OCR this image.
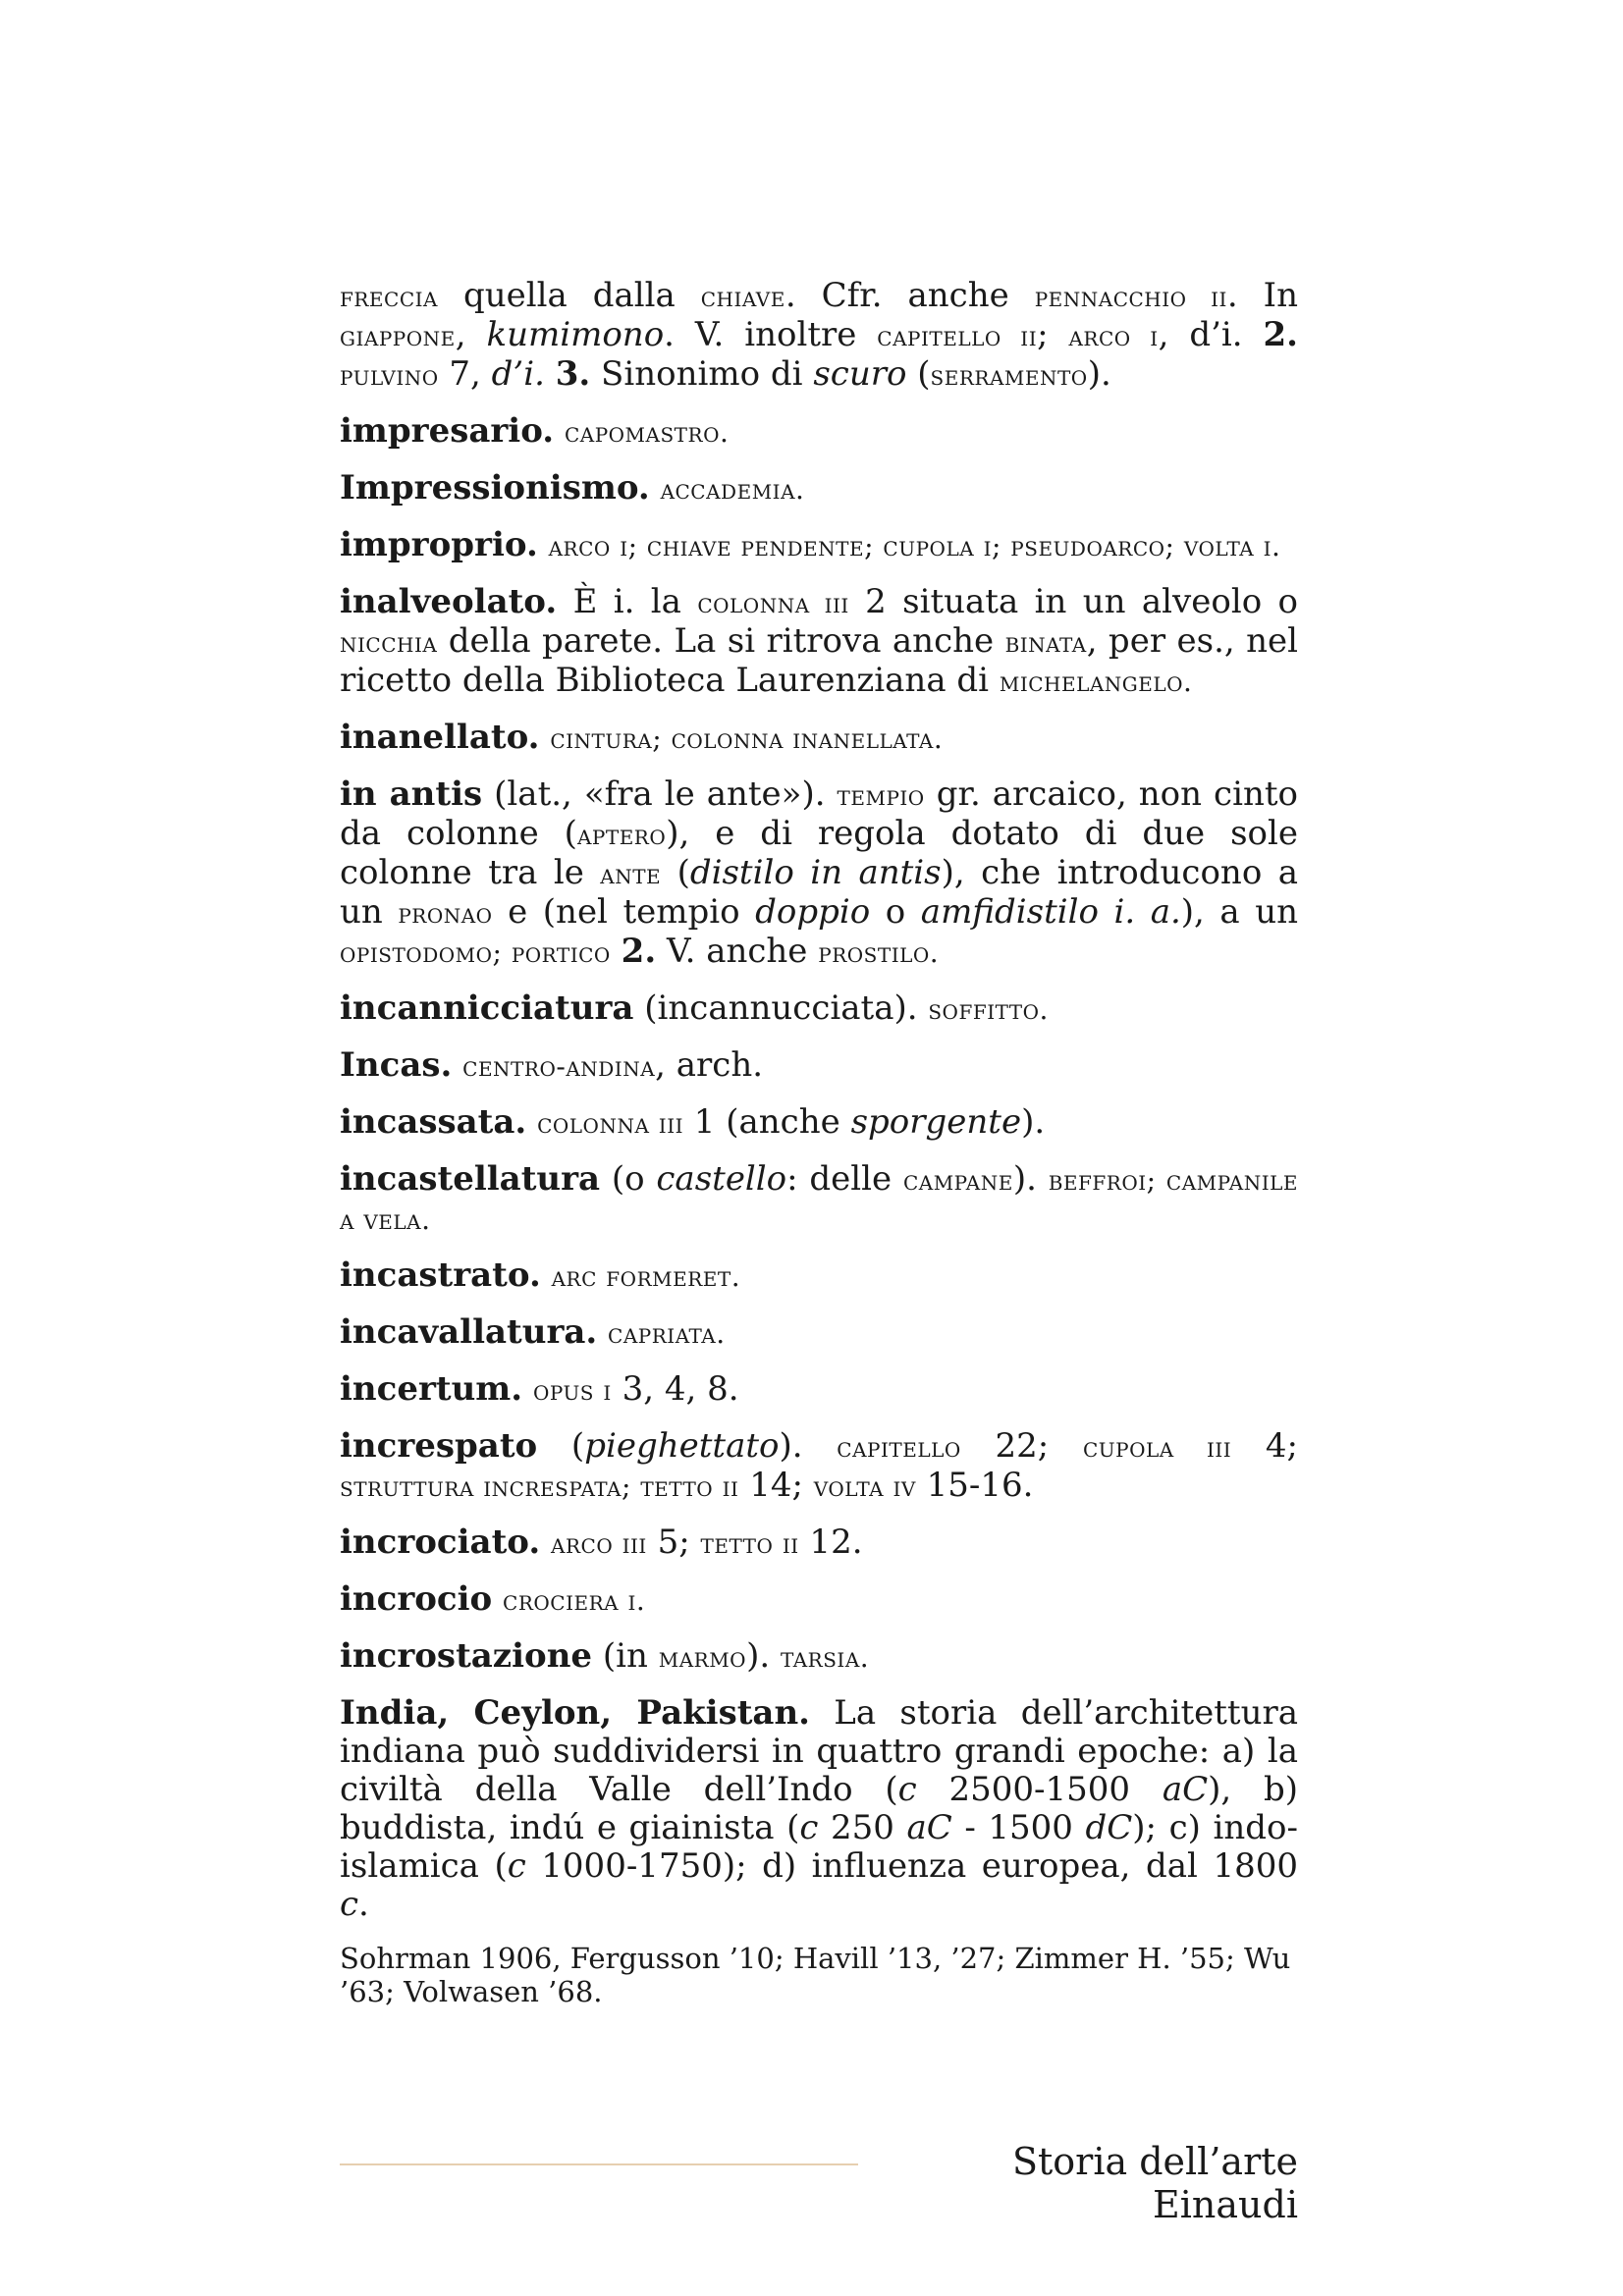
freccia quella dalla chiave. Cfr. anche pennacchio ii. In giappone, kumimono. V. inoltre capitello ii; arco i, d’i. 2. pulvino 7, d’i. 3. Sinonimo di scuro (serramento).
impresario. capomastro.
Impressionismo. accademia.
improprio. arco i; chiave pendente; cupola i; pseudoarco; volta i.
inalveolato. È i. la colonna iii 2 situata in un alveolo o nicchia della parete. La si ritrova anche binata, per es., nel ricetto della Biblioteca Laurenziana di michelangelo.
inanellato. cintura; colonna inanellata.
in antis (lat., «fra le ante»). tempio gr. arcaico, non cinto da colonne (aptero), e di regola dotato di due sole colonne tra le ante (distilo in antis), che introducono a un pronao e (nel tempio doppio o amfidistilo i. a.), a un opistodomo; portico 2. V. anche prostilo.
incannicciatura (incannucciata). soffitto.
Incas. centro-andina, arch.
incassata. colonna iii 1 (anche sporgente).
incastellatura (o castello: delle campane). beffroi; campanile a vela.
incastrato. arc formeret.
incavallatura. capriata.
incertum. opus i 3, 4, 8.
increspato (pieghettato). capitello 22; cupola iii 4; struttura increspata; tetto ii 14; volta iv 15-16.
incrociato. arco iii 5; tetto ii 12.
incrocio crociera i.
incrostazione (in marmo). tarsia.
India, Ceylon, Pakistan. La storia dell’architettura indiana può suddividersi in quattro grandi epoche: a) la civiltà della Valle dell’Indo (c 2500-1500 aC), b) buddista, indú e giainista (c 250 aC - 1500 dC); c) indo-islamica (c 1000-1750); d) influenza europea, dal 1800 c.
Sohrman 1906, Fergusson ’10; Havill ’13, ’27; Zimmer H. ’55; Wu ’63; Volwasen ’68.
Storia dell’arte Einaudi
